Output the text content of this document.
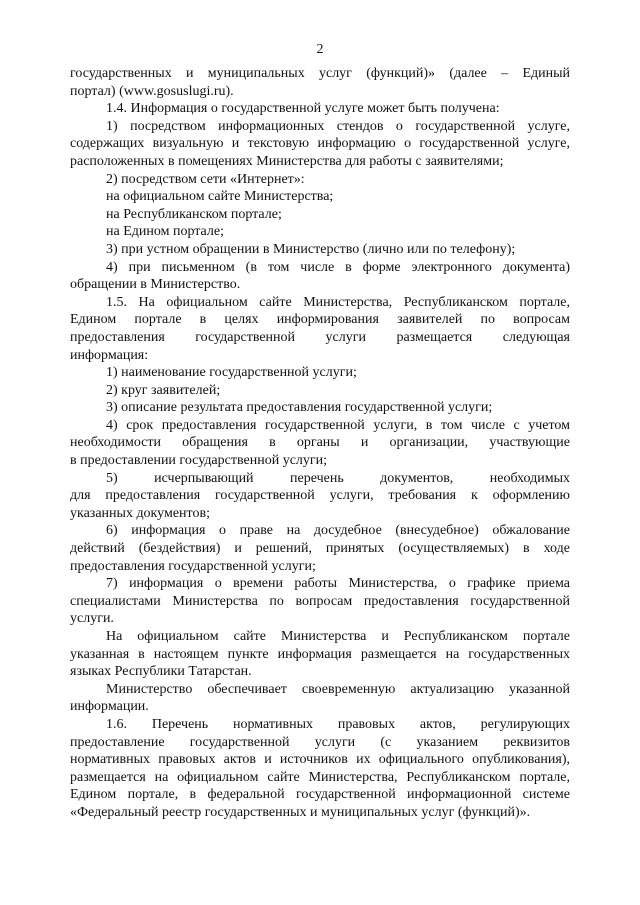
2
государственных и муниципальных услуг (функций)» (далее – Единый
портал) (www.gosuslugi.ru).
1.4. Информация о государственной услуге может быть получена:
1) посредством информационных стендов о государственной услуге,
содержащих визуальную и текстовую информацию о государственной услуге,
расположенных в помещениях Министерства для работы с заявителями;
2) посредством сети «Интернет»:
на официальном сайте Министерства;
на Республиканском портале;
на Едином портале;
3) при устном обращении в Министерство (лично или по телефону);
4) при письменном (в том числе в форме электронного документа)
обращении в Министерство.
1.5. На официальном сайте Министерства, Республиканском портале,
Едином портале в целях информирования заявителей по вопросам
предоставления государственной услуги размещается следующая
информация:
1) наименование государственной услуги;
2) круг заявителей;
3) описание результата предоставления государственной услуги;
4) срок предоставления государственной услуги, в том числе с учетом
необходимости обращения в органы и организации, участвующие
в предоставлении государственной услуги;
5) исчерпывающий перечень документов, необходимых
для предоставления государственной услуги, требования к оформлению
указанных документов;
6) информация о праве на досудебное (внесудебное) обжалование
действий (бездействия) и решений, принятых (осуществляемых) в ходе
предоставления государственной услуги;
7) информация о времени работы Министерства, о графике приема
специалистами Министерства по вопросам предоставления государственной
услуги.
На официальном сайте Министерства и Республиканском портале
указанная в настоящем пункте информация размещается на государственных
языках Республики Татарстан.
Министерство обеспечивает своевременную актуализацию указанной
информации.
1.6. Перечень нормативных правовых актов, регулирующих
предоставление государственной услуги (с указанием реквизитов
нормативных правовых актов и источников их официального опубликования),
размещается на официальном сайте Министерства, Республиканском портале,
Едином портале, в федеральной государственной информационной системе
«Федеральный реестр государственных и муниципальных услуг (функций)».
